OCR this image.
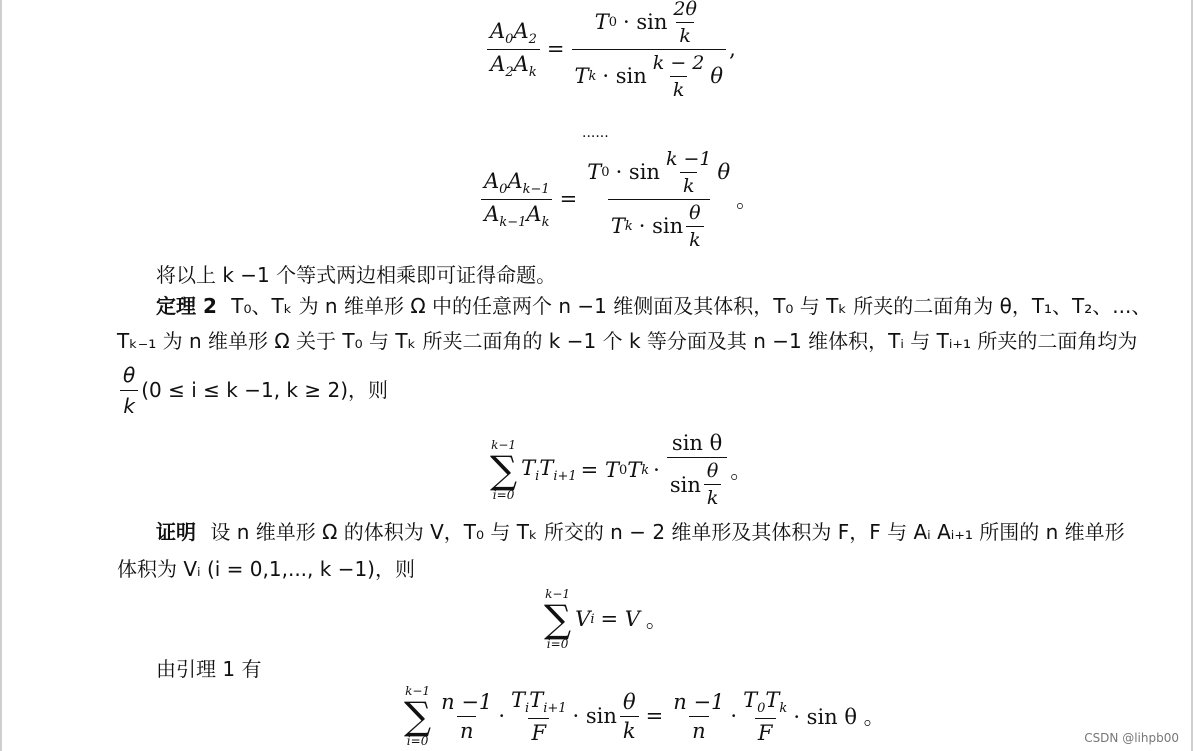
$\frac{A_0A_2}{A_2A_k} = \frac{T 0 \cdot \sin \frac{2\theta}{k}}{T k \cdot \sin \frac{k - 2}{k} \theta}$ ,
......
$\frac{A_0A_{k-1}}{A_{k-1}A_k} = \frac{T 0 \cdot \sin \frac{k -1}{k} \theta}{T k \cdot \sin \frac{\theta}{k}}$ 。
将以上 k −1 个等式两边相乘即可证得命题。
定理 2 T₀、Tₖ 为 n 维单形 Ω 中的任意两个 n −1 维侧面及其体积，T₀ 与 Tₖ 所夹的二面角为 θ，T₁、T₂、...、
Tₖ₋₁ 为 n 维单形 Ω 关于 T₀ 与 Tₖ 所夹二面角的 k −1 个 k 等分面及其 n −1 维体积，Tᵢ 与 Tᵢ₊₁ 所夹的二面角均为
$\frac{\theta}{k} (0 \le i \le k -1$, k ≥ 2)，则
k−1
∑
i=0
$T_iT_{i+1} = T$ 0 T $k \cdot \frac{\text{sin θ}}{\sin \frac{\theta}{k}}$ 。
证明 设 n 维单形 Ω 的体积为 V，T₀ 与 Tₖ 所交的 n − 2 维单形及其体积为 F，F 与 Aᵢ Aᵢ₊₁ 所围的 n 维单形
体积为 Vᵢ (i = 0,1,..., k −1)，则
k−1
∑
i=0
V i = V 。
由引理 1 有
k−1
∑
$i=0 \frac{n -1}{n} \cdot \frac{T_iT_{i+1}}{F} \cdot \sin \frac{\theta}{k} = \frac{n -1}{n} \cdot \frac{T_0T_k}{F} \cdot \sin \theta$ 。
CSDN @lihpb00
